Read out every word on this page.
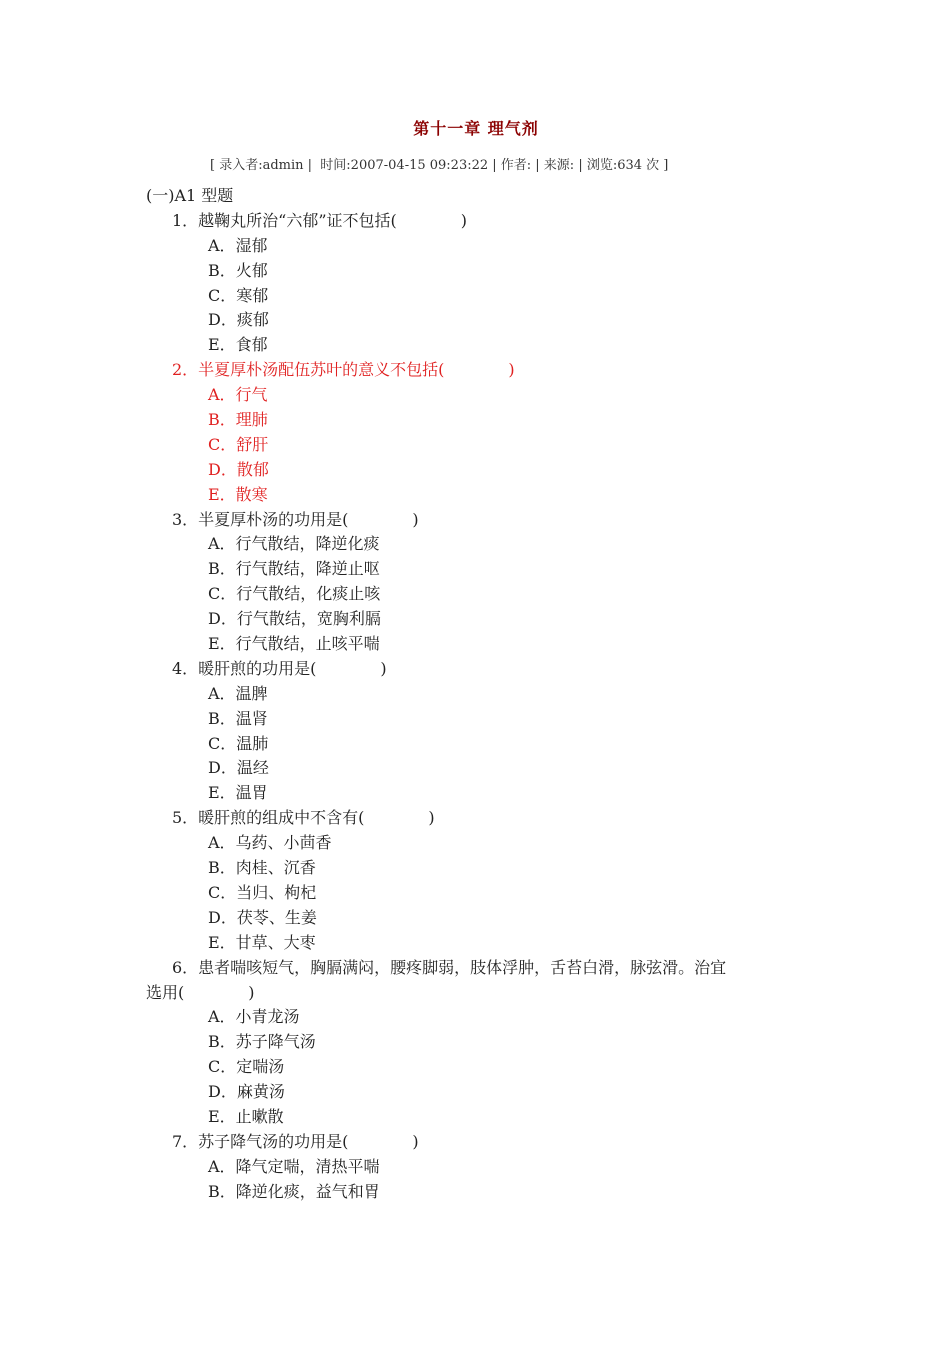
第十一章 理气剂
[ 录入者:admin |  时间:2007-04-15 09:23:22 | 作者: | 来源: | 浏览:634 次 ]
(一)A1 型题
1．越鞠丸所治“六郁”证不包括(　　　　)
A．湿郁
B．火郁
C．寒郁
D．痰郁
E．食郁
2．半夏厚朴汤配伍苏叶的意义不包括(　　　　)
A．行气
B．理肺
C．舒肝
D．散郁
E．散寒
3．半夏厚朴汤的功用是(　　　　)
A．行气散结，降逆化痰
B．行气散结，降逆止呕
C．行气散结，化痰止咳
D．行气散结，宽胸利膈
E．行气散结，止咳平喘
4．暖肝煎的功用是(　　　　)
A．温脾
B．温肾
C．温肺
D．温经
E．温胃
5．暖肝煎的组成中不含有(　　　　)
A．乌药、小茴香
B．肉桂、沉香
C．当归、枸杞
D．茯苓、生姜
E．甘草、大枣
6．患者喘咳短气，胸膈满闷，腰疼脚弱，肢体浮肿，舌苔白滑，脉弦滑。治宜
选用(　　　　)
A．小青龙汤
B．苏子降气汤
C．定喘汤
D．麻黄汤
E．止嗽散
7．苏子降气汤的功用是(　　　　)
A．降气定喘，清热平喘
B．降逆化痰，益气和胃
